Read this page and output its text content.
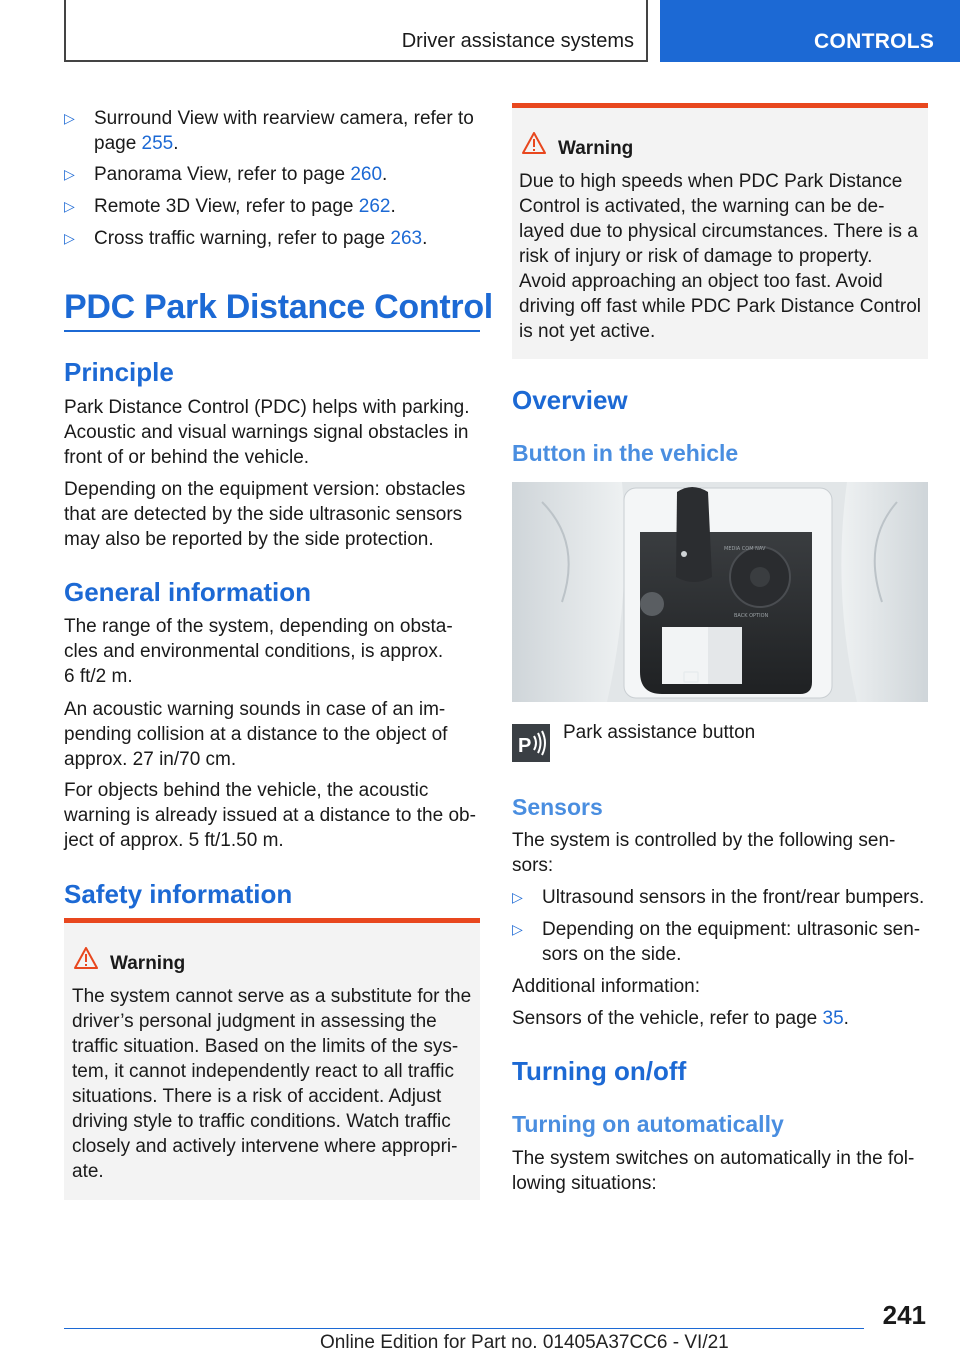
Driver assistance systems	CONTROLS
▷	Surround View with rearview camera, refer to
page 255.
▷	Panorama View, refer to page 260.
▷	Remote 3D View, refer to page 262.
▷	Cross traffic warning, refer to page 263.
PDC Park Distance Control
Principle

Park Distance Control (PDC) helps with parking.
Acoustic and visual warnings signal obstacles in
front of or behind the vehicle.

Depending on the equipment version: obstacles
that are detected by the side ultrasonic sensors
may also be reported by the side protection.

General information

The range of the system, depending on obsta‐
cles and environmental conditions, is approx.
6 ft/2 m.

An acoustic warning sounds in case of an im‐
pending collision at a distance to the object of
approx. 27 in/70 cm.

For objects behind the vehicle, the acoustic
warning is already issued at a distance to the ob‐
ject of approx. 5 ft/1.50 m.

Safety information
Warning
The system cannot serve as a substitute for the
driver’s personal judgment in assessing the
traffic situation. Based on the limits of the sys‐
tem, it cannot independently react to all traffic
situations. There is a risk of accident. Adjust
driving style to traffic conditions. Watch traffic
closely and actively intervene where appropri‐
ate.
Warning
Due to high speeds when PDC Park Distance
Control is activated, the warning can be de‐
layed due to physical circumstances. There is a
risk of injury or risk of damage to property.
Avoid approaching an object too fast. Avoid
driving off fast while PDC Park Distance Control
is not yet active.
Overview
Button in the vehicle
MEDIA COM NAV
BACK OPTION
P
Park assistance button
Sensors

The system is controlled by the following sen‐
sors:

▷	Ultrasound sensors in the front/rear bumpers.
▷	Depending on the equipment: ultrasonic sen‐
sors on the side.

Additional information:

Sensors of the vehicle, refer to page 35.

Turning on/off
Turning on automatically

The system switches on automatically in the fol‐
lowing situations:

241
Online Edition for Part no. 01405A37CC6 - VI/21
